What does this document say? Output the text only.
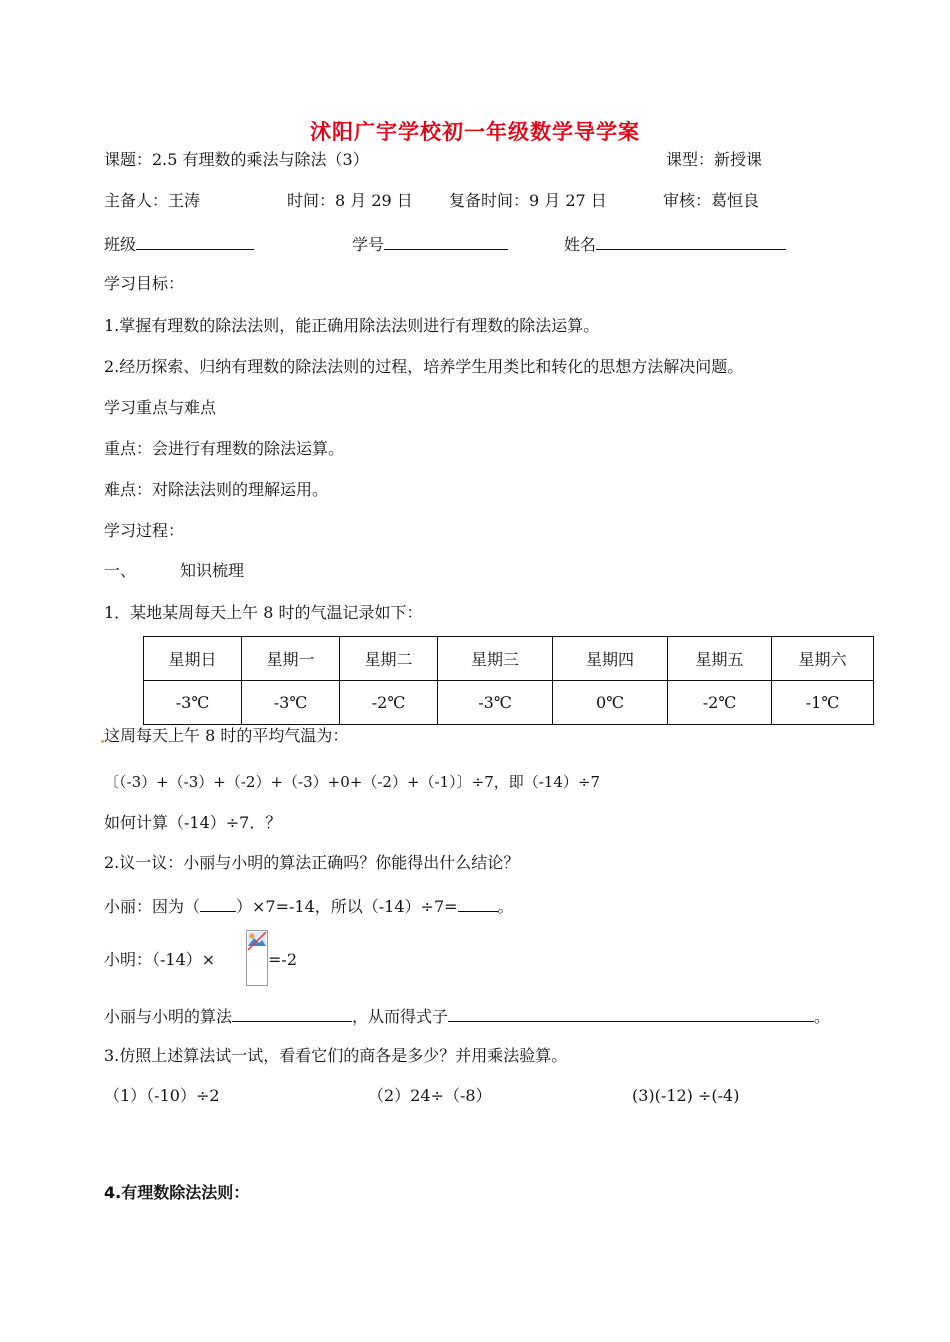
沭阳广宇学校初一年级数学导学案
课题：2.5 有理数的乘法与除法（3）	课型：新授课
主备人：王涛	时间：8 月 29 日 复备时间：9 月 27 日	审核：葛恒良
班级	学号	姓名
学习目标：
1.掌握有理数的除法法则，能正确用除法法则进行有理数的除法运算。
2.经历探索、归纳有理数的除法法则的过程，培养学生用类比和转化的思想方法解决问题。
学习重点与难点
重点：会进行有理数的除法运算。
难点：对除法法则的理解运用。
学习过程：
一、	知识梳理
1．某地某周每天上午 8 时的气温记录如下：
星期日	星期一	星期二	星期三	星期四	星期五	星期六
-3℃	-3℃	-2℃	-3℃	0℃	-2℃	-1℃
这周每天上午 8 时的平均气温为：
〔（-3）+（-3）+（-2）+（-3）+0+（-2）+（-1）〕÷7，即（-14）÷7
如何计算（-14）÷7．？
2.议一议：小丽与小明的算法正确吗？你能得出什么结论？
小丽：因为（ ）×7=-14，所以（-14）÷7=	。
小明：（-14）×	=-2
小丽与小明的算法	，从而得式子	。
3.仿照上述算法试一试，看看它们的商各是多少？并用乘法验算。
（1）（-10）÷2	（2）24÷（-8）	(3)(-12) ÷(-4)
4.有理数除法法则：
